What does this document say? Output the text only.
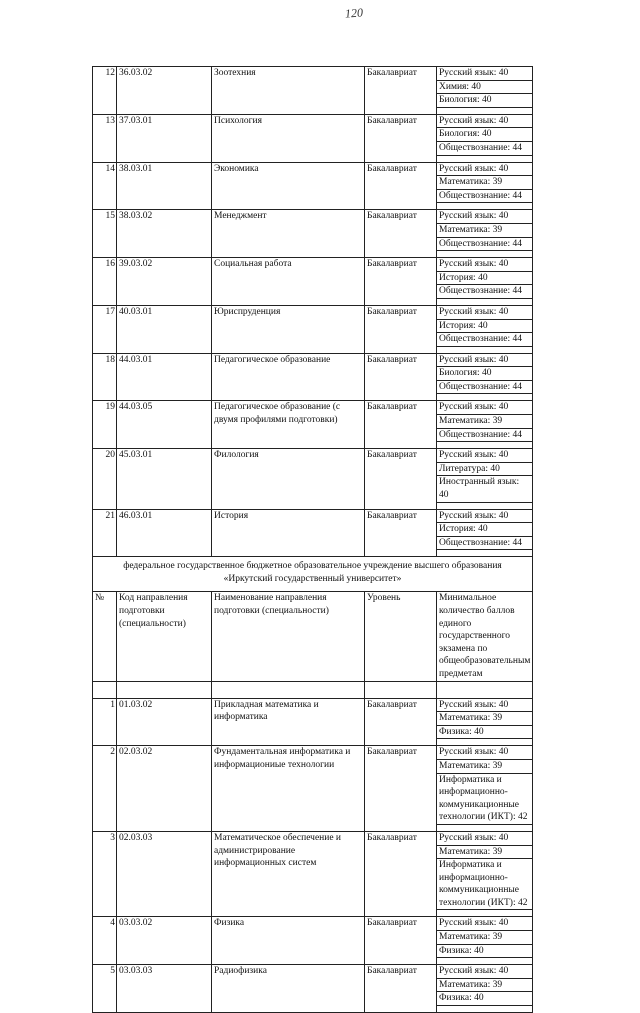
120
12	36.03.02	Зоотехния	Бакалавриат	Русский язык: 40
				Химия: 40
				Биология: 40

13	37.03.01	Психология	Бакалавриат	Русский язык: 40
				Биология: 40
				Обществознание: 44

14	38.03.01	Экономика	Бакалавриат	Русский язык: 40
				Математика: 39
				Обществознание: 44

15	38.03.02	Менеджмент	Бакалавриат	Русский язык: 40
				Математика: 39
				Обществознание: 44

16	39.03.02	Социальная работа	Бакалавриат	Русский язык: 40
				История: 40
				Обществознание: 44

17	40.03.01	Юриспруденция	Бакалавриат	Русский язык: 40
				История: 40
				Обществознание: 44

18	44.03.01	Педагогическое образование	Бакалавриат	Русский язык: 40
				Биология: 40
				Обществознание: 44

19	44.03.05	Педагогическое образование (с двумя профилями подготовки)	Бакалавриат	Русский язык: 40
				Математика: 39
				Обществознание: 44

20	45.03.01	Филология	Бакалавриат	Русский язык: 40
				Литература: 40
				Иностранный язык: 40

21	46.03.01	История	Бакалавриат	Русский язык: 40
				История: 40
				Обществознание: 44

федеральное государственное бюджетное образовательное учреждение высшего образования «Иркутский государственный университет»				
№	Код направления подготовки (специальности)	Наименование направления подготовки (специальности)	Уровень	Минимальное количество баллов единого государственного экзамена по общеобразовательным предметам

1	01.03.02	Прикладная математика и информатика	Бакалавриат	Русский язык: 40
				Математика: 39
				Физика: 40

2	02.03.02	Фундаментальная информатика и информациониые технологии	Бакалавриат	Русский язык: 40
				Математика: 39
				Информатика и информационно-коммуникационные технологии (ИКТ): 42

3	02.03.03	Математическое обеспечение и администрирование информационных систем	Бакалавриат	Русский язык: 40
				Математика: 39
				Информатика и информационно-коммуникационные технологии (ИКТ): 42

4	03.03.02	Физика	Бакалавриат	Русский язык: 40
				Математика: 39
				Физика: 40

5	03.03.03	Радиофизика	Бакалавриат	Русский язык: 40
				Математика: 39
				Физика: 40
